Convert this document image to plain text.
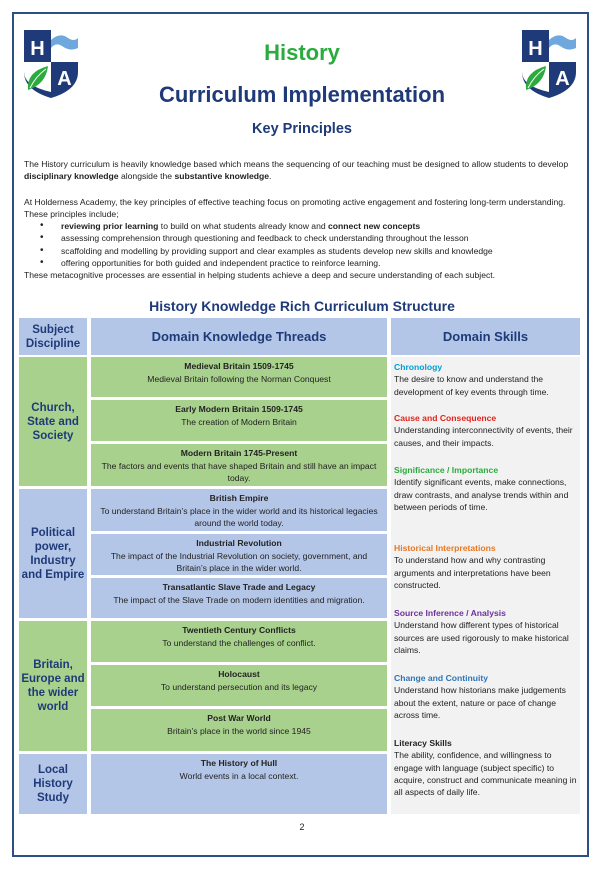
H
A
H
A
History
Curriculum Implementation
Key Principles

The History curriculum is heavily knowledge based which means the sequencing of our teaching must be designed to allow students to develop disciplinary knowledge alongside the substantive knowledge.

At Holderness Academy, the key principles of effective teaching focus on promoting active engagement and fostering long-term understanding. These principles include;

• reviewing prior learning to build on what students already know and connect new concepts
• assessing comprehension through questioning and feedback to check understanding throughout the lesson
• scaffolding and modelling by providing support and clear examples as students develop new skills and knowledge
• offering opportunities for both guided and independent practice to reinforce learning.

These metacognitive processes are essential in helping students achieve a deep and secure understanding of each subject.

History Knowledge Rich Curriculum Structure
Subject Discipline	Domain Knowledge Threads	Domain Skills
Church, State and Society
Political power, Industry and Empire
Britain, Europe and the wider world
Local History Study
Medieval Britain 1509-1745
Medieval Britain following the Norman Conquest
Early Modern Britain 1509-1745
The creation of Modern Britain
Modern Britain 1745-Present
The factors and events that have shaped Britain and still have an impact today.
British Empire
To understand Britain’s place in the wider world and its historical legacies around the world today.
Industrial Revolution
The impact of the Industrial Revolution on society, government, and Britain’s place in the wider world.
Transatlantic Slave Trade and Legacy
The impact of the Slave Trade on modern identities and migration.
Twentieth Century Conflicts
To understand the challenges of conflict.
Holocaust
To understand persecution and its legacy
Post War World
Britain’s place in the world since 1945
The History of Hull
World events in a local context.
Chronology
The desire to know and understand the development of key events through time.
Cause and Consequence
Understanding interconnectivity of events, their causes, and their impacts.
Significance / Importance
Identify significant events, make connections, draw contrasts, and analyse trends within and between periods of time.
Historical Interpretations
To understand how and why contrasting arguments and interpretations have been constructed.
Source Inference / Analysis
Understand how different types of historical sources are used rigorously to make historical claims.
Change and Continuity
Understand how historians make judgements about the extent, nature or pace of change across time.
Literacy Skills
The ability, confidence, and willingness to engage with language (subject specific) to acquire, construct and communicate meaning in all aspects of daily life.
2
